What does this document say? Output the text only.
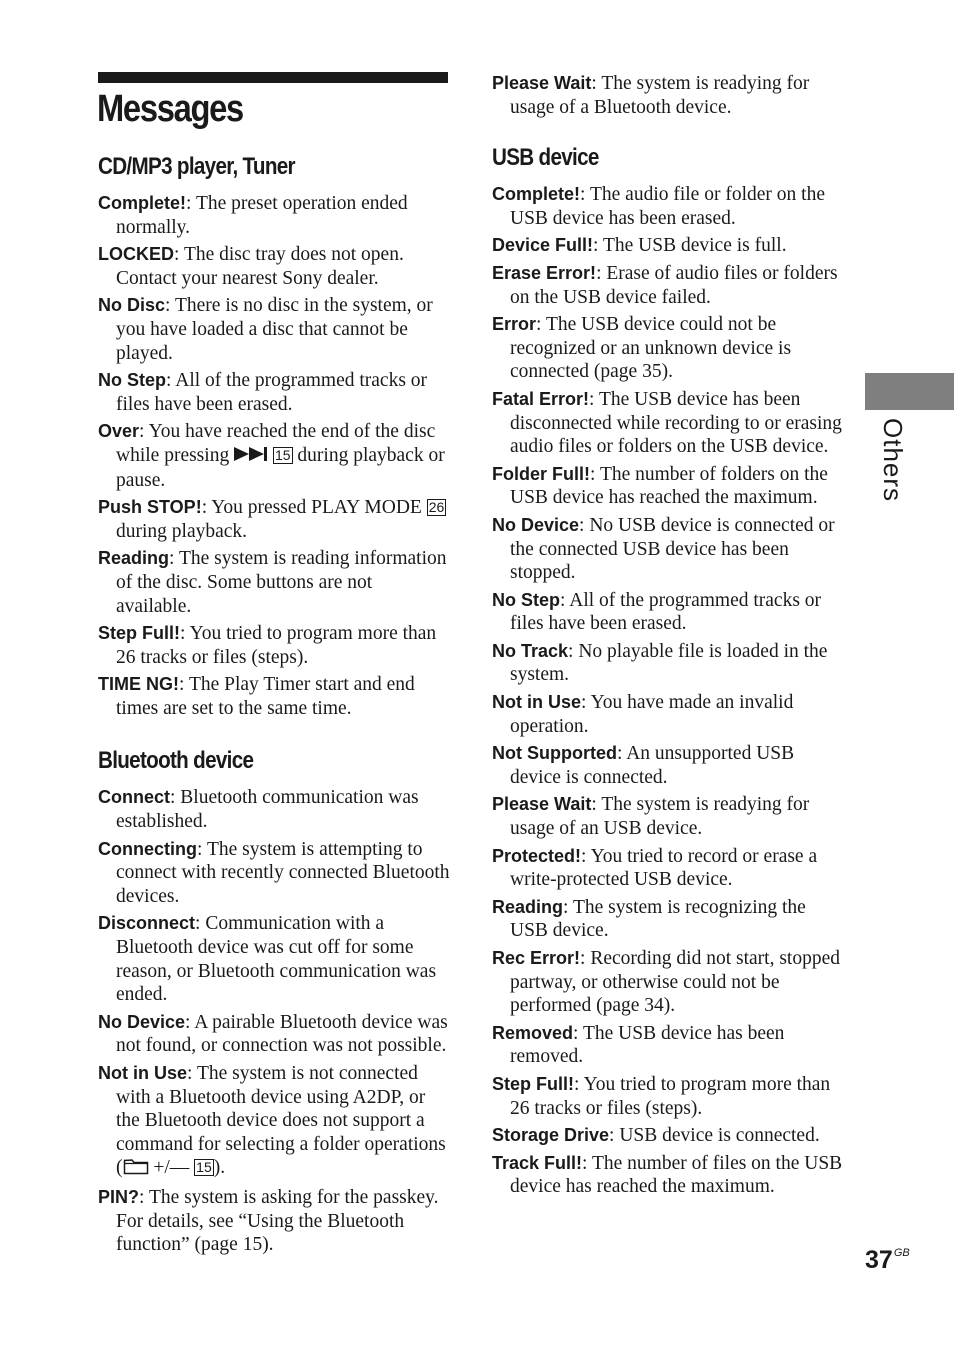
Messages
CD/MP3 player, Tuner

Complete!: The preset operation ended normally.

LOCKED: The disc tray does not open. Contact your nearest Sony dealer.

No Disc: There is no disc in the system, or you have loaded a disc that cannot be played.

No Step: All of the programmed tracks or files have been erased.

Over: You have reached the end of the disc while pressing	15 during playback or pause.

Push STOP!: You pressed PLAY MODE 26 during playback.

Reading: The system is reading information of the disc. Some buttons are not available.

Step Full!: You tried to program more than 26 tracks or files (steps).

TIME NG!: The Play Timer start and end times are set to the same time.

Bluetooth device

Connect: Bluetooth communication was established.

Connecting: The system is attempting to connect with recently connected Bluetooth devices.

Disconnect: Communication with a Bluetooth device was cut off for some reason, or Bluetooth communication was ended.

No Device: A pairable Bluetooth device was not found, or connection was not possible.

Not in Use: The system is not connected with a Bluetooth device using A2DP, or the Bluetooth device does not support a command for selecting a folder operations ( +/— 15 ).

PIN?: The system is asking for the passkey. For details, see “Using the Bluetooth function” (page 15).

Please Wait: The system is readying for usage of a Bluetooth device.

USB device

Complete!: The audio file or folder on the USB device has been erased.

Device Full!: The USB device is full.

Erase Error!: Erase of audio files or folders on the USB device failed.

Error: The USB device could not be recognized or an unknown device is connected (page 35).

Fatal Error!: The USB device has been disconnected while recording to or erasing audio files or folders on the USB device.

Folder Full!: The number of folders on the USB device has reached the maximum.

No Device: No USB device is connected or the connected USB device has been stopped.

No Step: All of the programmed tracks or files have been erased.

No Track: No playable file is loaded in the system.

Not in Use: You have made an invalid operation.

Not Supported: An unsupported USB device is connected.

Please Wait: The system is readying for usage of an USB device.

Protected!: You tried to record or erase a write-protected USB device.

Reading: The system is recognizing the USB device.

Rec Error!: Recording did not start, stopped partway, or otherwise could not be performed (page 34).

Removed: The USB device has been removed.

Step Full!: You tried to program more than 26 tracks or files (steps).

Storage Drive: USB device is connected.

Track Full!: The number of files on the USB device has reached the maximum.

Others
$37^{GB}$
